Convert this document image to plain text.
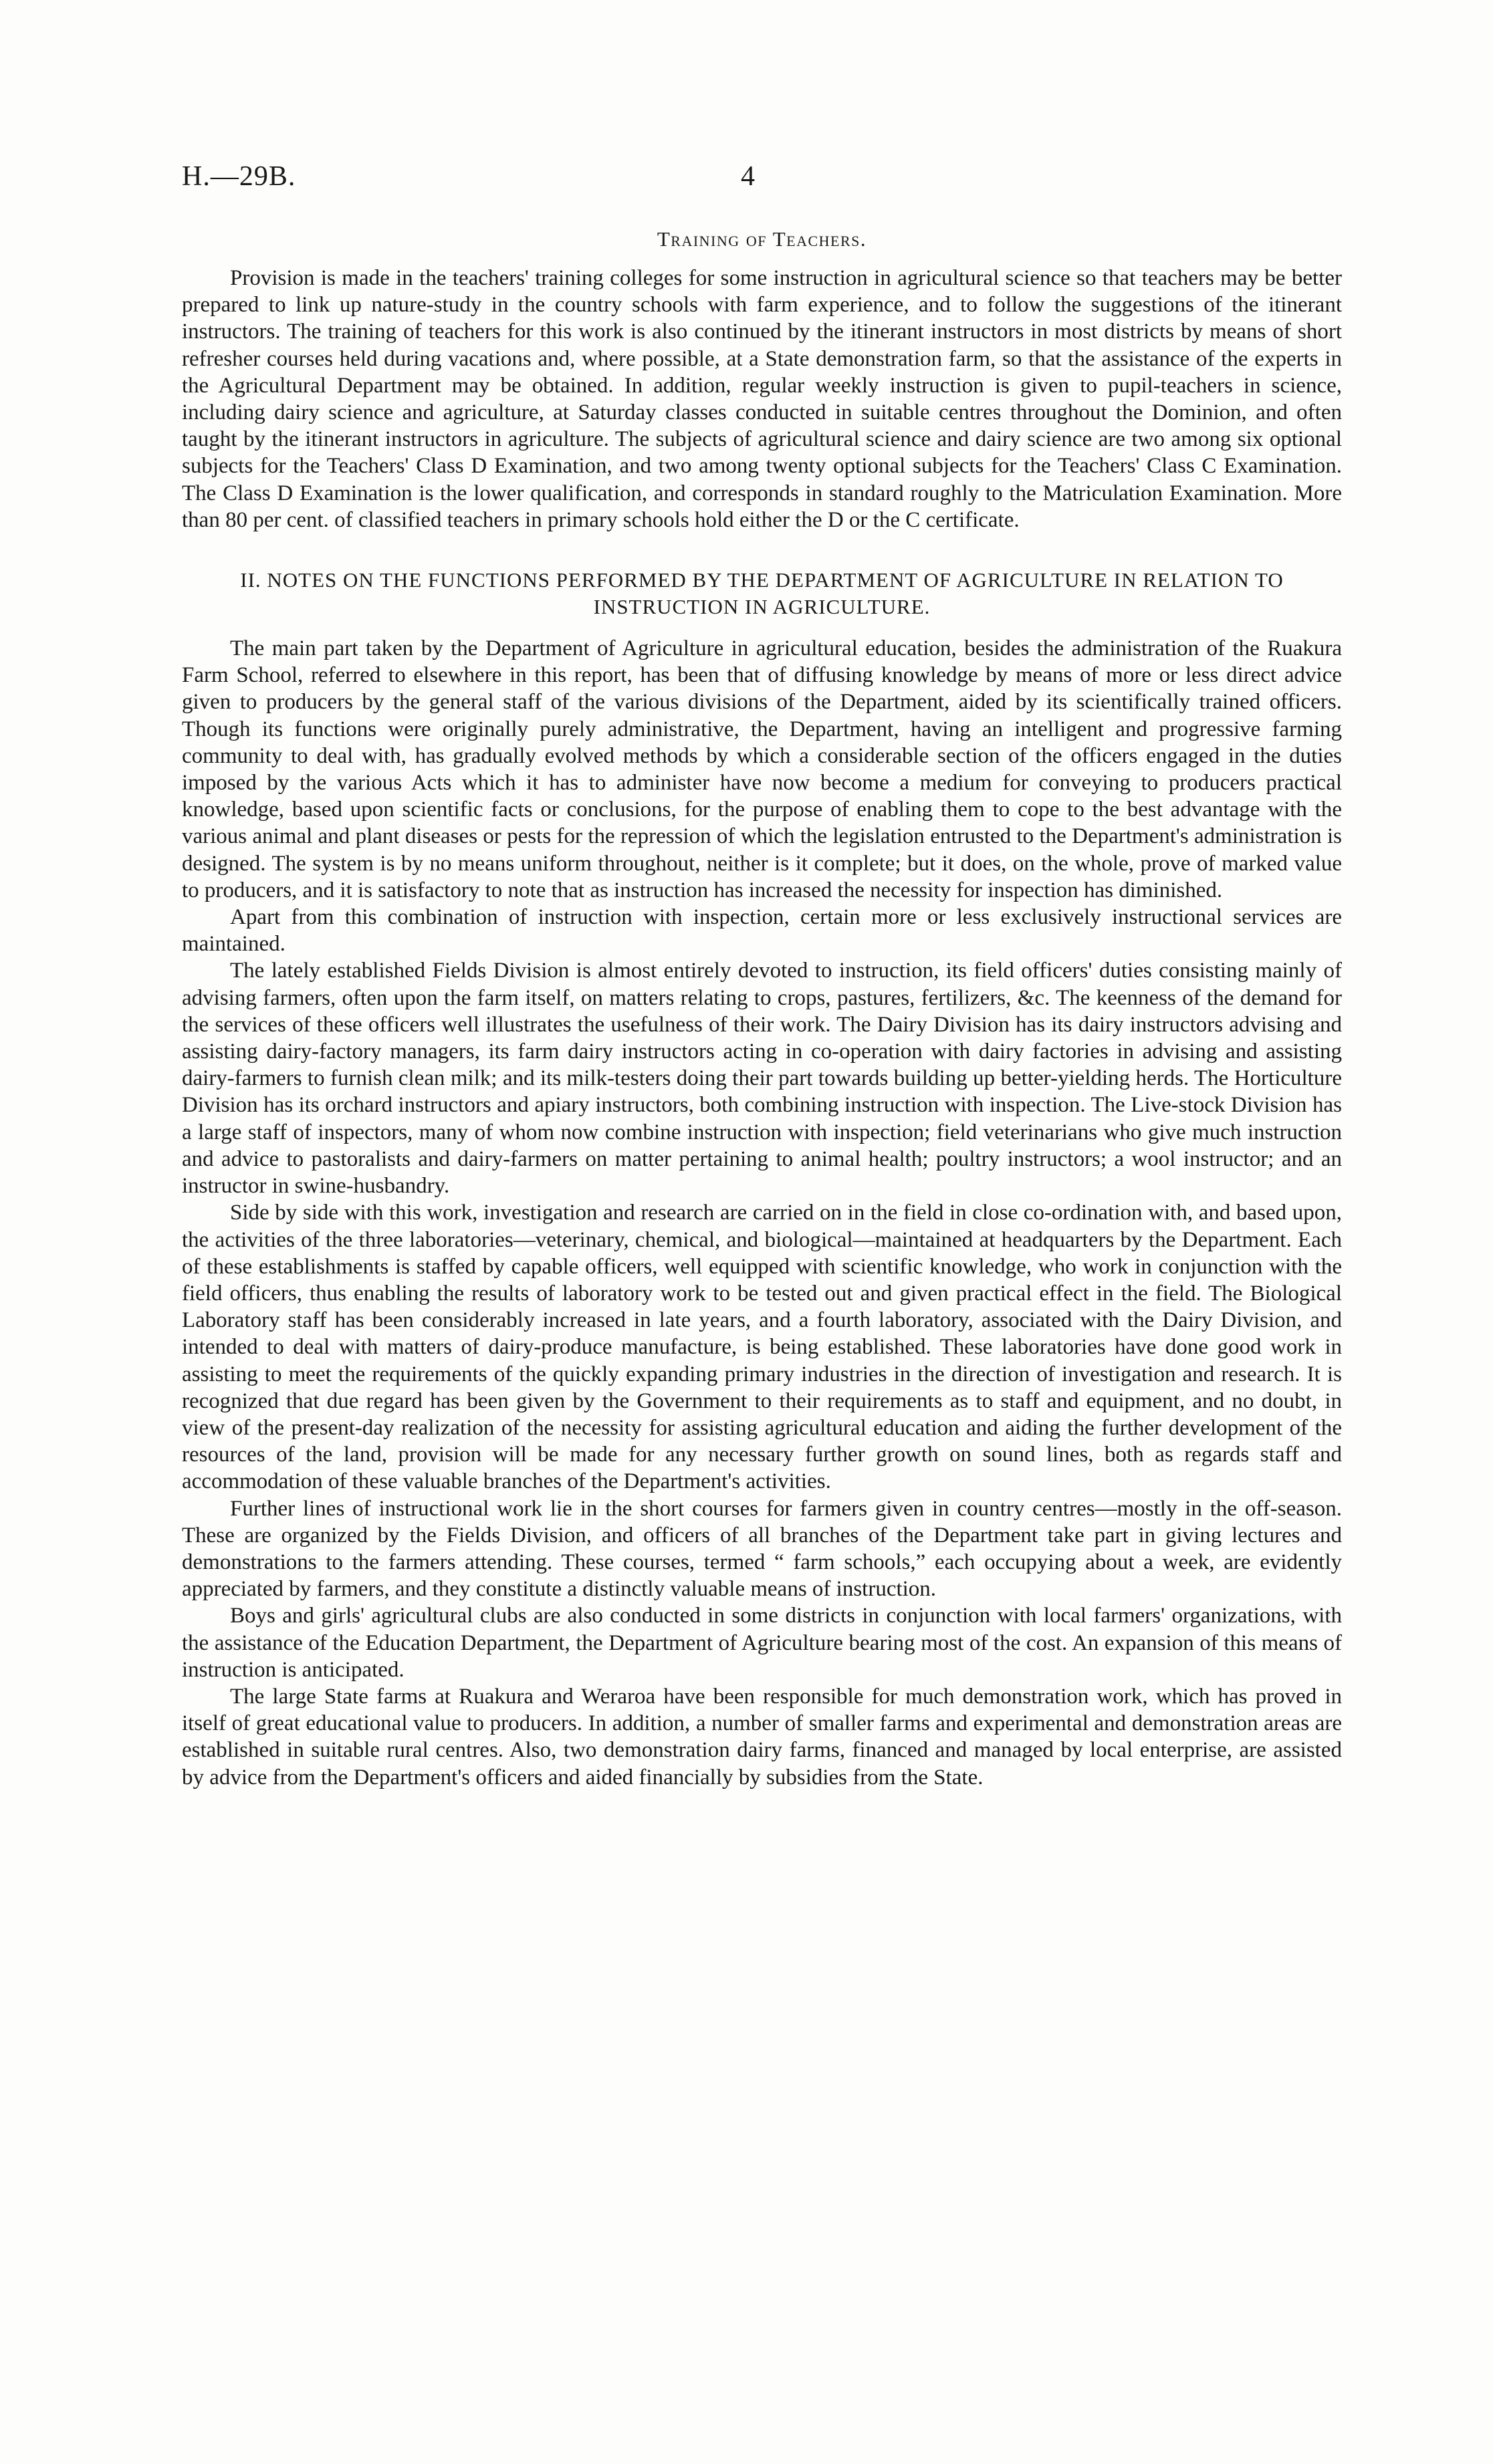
H.—29B.	4
Training of Teachers.

Provision is made in the teachers' training colleges for some instruction in agricultural science so that teachers may be better prepared to link up nature-study in the country schools with farm experience, and to follow the suggestions of the itinerant instructors. The training of teachers for this work is also continued by the itinerant instructors in most districts by means of short refresher courses held during vacations and, where possible, at a State demonstration farm, so that the assistance of the experts in the Agricultural Department may be obtained. In addition, regular weekly instruction is given to pupil-teachers in science, including dairy science and agriculture, at Saturday classes conducted in suitable centres throughout the Dominion, and often taught by the itinerant instructors in agriculture. The subjects of agricultural science and dairy science are two among six optional subjects for the Teachers' Class D Examination, and two among twenty optional subjects for the Teachers' Class C Examination. The Class D Examination is the lower qualification, and corresponds in standard roughly to the Matriculation Examination. More than 80 per cent. of classified teachers in primary schools hold either the D or the C certificate.

II. NOTES ON THE FUNCTIONS PERFORMED BY THE DEPARTMENT OF AGRICULTURE IN RELATION TO INSTRUCTION IN AGRICULTURE.

The main part taken by the Department of Agriculture in agricultural education, besides the administration of the Ruakura Farm School, referred to elsewhere in this report, has been that of diffusing knowledge by means of more or less direct advice given to producers by the general staff of the various divisions of the Department, aided by its scientifically trained officers. Though its functions were originally purely administrative, the Department, having an intelligent and progressive farming community to deal with, has gradually evolved methods by which a considerable section of the officers engaged in the duties imposed by the various Acts which it has to administer have now become a medium for conveying to producers practical knowledge, based upon scientific facts or conclusions, for the purpose of enabling them to cope to the best advantage with the various animal and plant diseases or pests for the repression of which the legislation entrusted to the Department's administration is designed. The system is by no means uniform throughout, neither is it complete; but it does, on the whole, prove of marked value to producers, and it is satisfactory to note that as instruction has increased the necessity for inspection has diminished.

Apart from this combination of instruction with inspection, certain more or less exclusively instructional services are maintained.

The lately established Fields Division is almost entirely devoted to instruction, its field officers' duties consisting mainly of advising farmers, often upon the farm itself, on matters relating to crops, pastures, fertilizers, &c. The keenness of the demand for the services of these officers well illustrates the usefulness of their work. The Dairy Division has its dairy instructors advising and assisting dairy-factory managers, its farm dairy instructors acting in co-operation with dairy factories in advising and assisting dairy-farmers to furnish clean milk; and its milk-testers doing their part towards building up better-yielding herds. The Horticulture Division has its orchard instructors and apiary instructors, both combining instruction with inspection. The Live-stock Division has a large staff of inspectors, many of whom now combine instruction with inspection; field veterinarians who give much instruction and advice to pastoralists and dairy-farmers on matter pertaining to animal health; poultry instructors; a wool instructor; and an instructor in swine-husbandry.

Side by side with this work, investigation and research are carried on in the field in close co-ordination with, and based upon, the activities of the three laboratories—veterinary, chemical, and biological—maintained at headquarters by the Department. Each of these establishments is staffed by capable officers, well equipped with scientific knowledge, who work in conjunction with the field officers, thus enabling the results of laboratory work to be tested out and given practical effect in the field. The Biological Laboratory staff has been considerably increased in late years, and a fourth laboratory, associated with the Dairy Division, and intended to deal with matters of dairy-produce manufacture, is being established. These laboratories have done good work in assisting to meet the requirements of the quickly expanding primary industries in the direction of investigation and research. It is recognized that due regard has been given by the Government to their requirements as to staff and equipment, and no doubt, in view of the present-day realization of the necessity for assisting agricultural education and aiding the further development of the resources of the land, provision will be made for any necessary further growth on sound lines, both as regards staff and accommodation of these valuable branches of the Department's activities.

Further lines of instructional work lie in the short courses for farmers given in country centres—mostly in the off-season. These are organized by the Fields Division, and officers of all branches of the Department take part in giving lectures and demonstrations to the farmers attending. These courses, termed “ farm schools,” each occupying about a week, are evidently appreciated by farmers, and they constitute a distinctly valuable means of instruction.

Boys and girls' agricultural clubs are also conducted in some districts in conjunction with local farmers' organizations, with the assistance of the Education Department, the Department of Agriculture bearing most of the cost. An expansion of this means of instruction is anticipated.

The large State farms at Ruakura and Weraroa have been responsible for much demonstration work, which has proved in itself of great educational value to producers. In addition, a number of smaller farms and experimental and demonstration areas are established in suitable rural centres. Also, two demonstration dairy farms, financed and managed by local enterprise, are assisted by advice from the Department's officers and aided financially by subsidies from the State.
